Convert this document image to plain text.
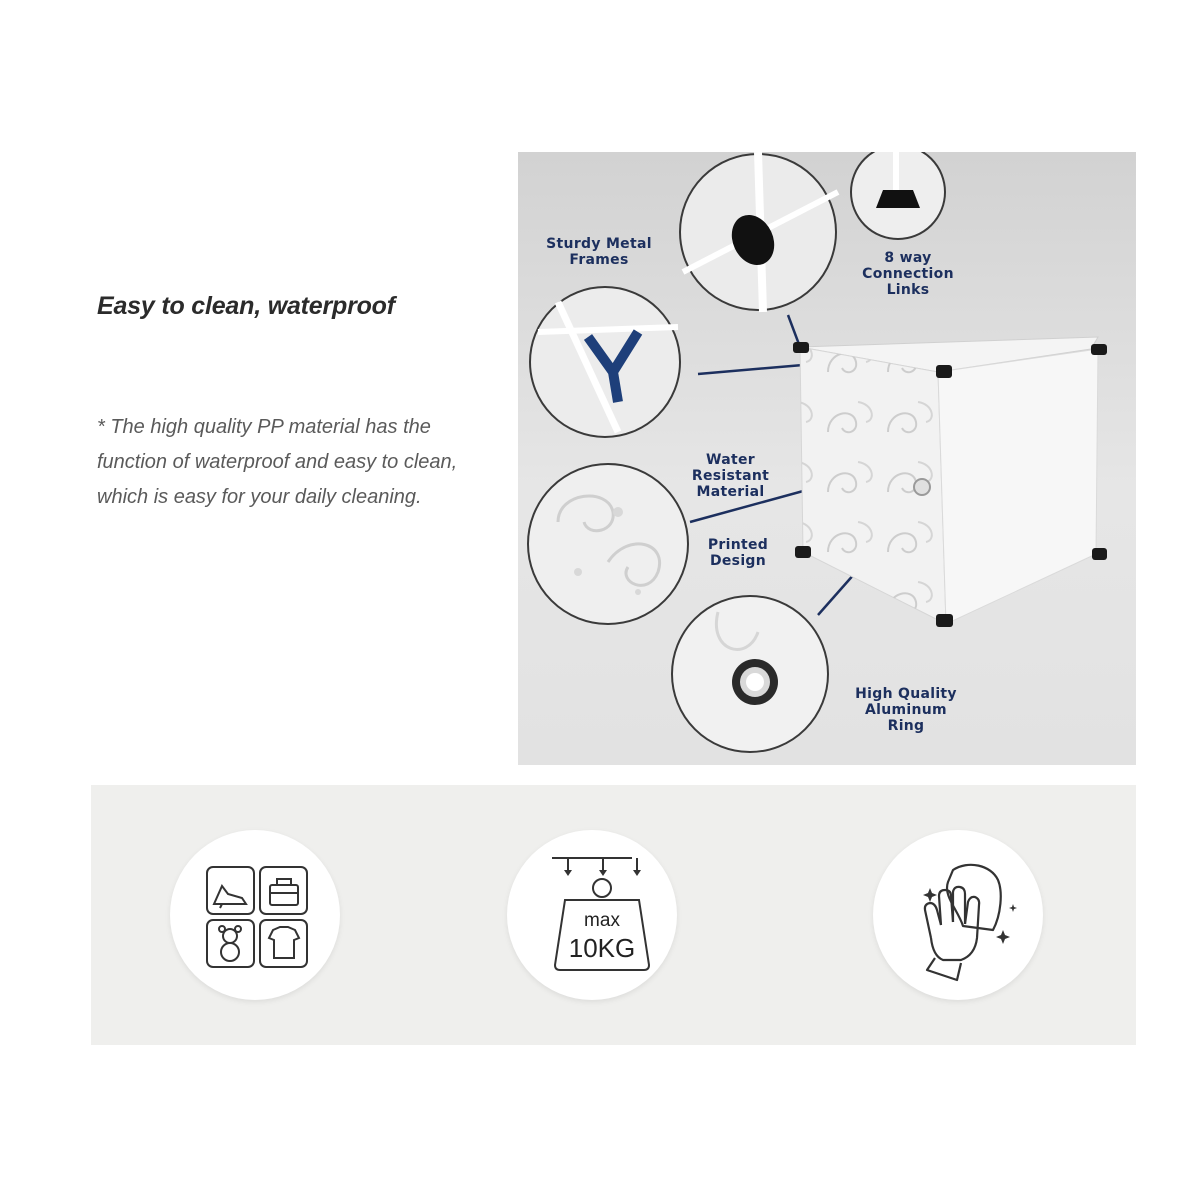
Easy to clean, waterproof
* The high quality PP material has the function of waterproof and easy to clean, which is easy for your daily cleaning.
Sturdy Metal
Frames	8 way
Connection
Links
Water
Resistant
Material
Printed
Design
High Quality
Aluminum
Ring
max
10KG
